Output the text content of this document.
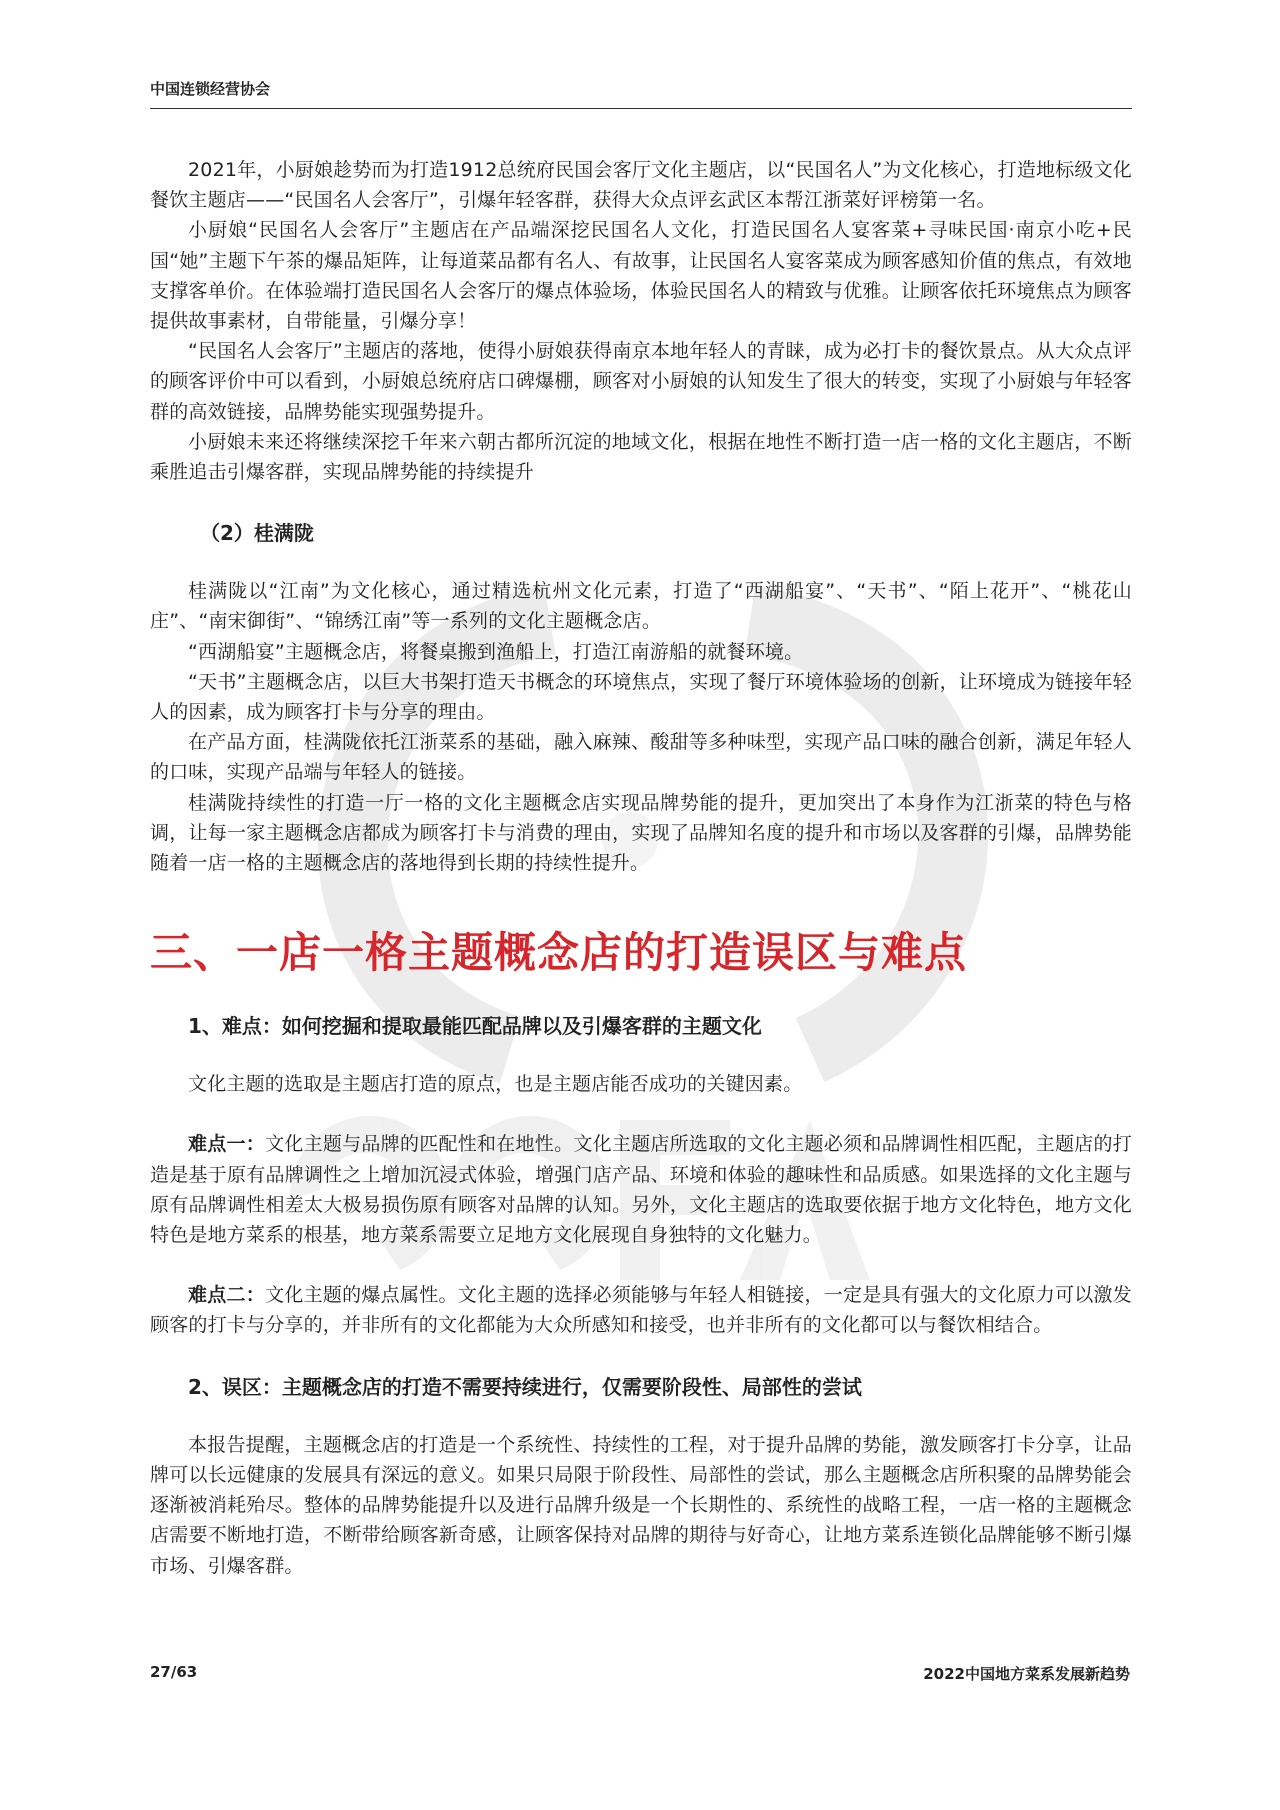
中国连锁经营协会

2021年，小厨娘趁势而为打造1912总统府民国会客厅文化主题店，以“民国名人”为文化核心，打造地标级文化餐饮主题店——“民国名人会客厅”，引爆年轻客群，获得大众点评玄武区本帮江浙菜好评榜第一名。

小厨娘“民国名人会客厅”主题店在产品端深挖民国名人文化，打造民国名人宴客菜+寻味民国·南京小吃+民国“她”主题下午茶的爆品矩阵，让每道菜品都有名人、有故事，让民国名人宴客菜成为顾客感知价值的焦点，有效地支撑客单价。在体验端打造民国名人会客厅的爆点体验场，体验民国名人的精致与优雅。让顾客依托环境焦点为顾客提供故事素材，自带能量，引爆分享！

“民国名人会客厅”主题店的落地，使得小厨娘获得南京本地年轻人的青睐，成为必打卡的餐饮景点。从大众点评的顾客评价中可以看到，小厨娘总统府店口碑爆棚，顾客对小厨娘的认知发生了很大的转变，实现了小厨娘与年轻客群的高效链接，品牌势能实现强势提升。

小厨娘未来还将继续深挖千年来六朝古都所沉淀的地域文化，根据在地性不断打造一店一格的文化主题店，不断乘胜追击引爆客群，实现品牌势能的持续提升

（2）桂满陇

桂满陇以“江南”为文化核心，通过精选杭州文化元素，打造了“西湖船宴”、“天书”、“陌上花开”、“桃花山庄”、“南宋御街”、“锦绣江南”等一系列的文化主题概念店。

“西湖船宴”主题概念店，将餐桌搬到渔船上，打造江南游船的就餐环境。

“天书”主题概念店，以巨大书架打造天书概念的环境焦点，实现了餐厅环境体验场的创新，让环境成为链接年轻人的因素，成为顾客打卡与分享的理由。

在产品方面，桂满陇依托江浙菜系的基础，融入麻辣、酸甜等多种味型，实现产品口味的融合创新，满足年轻人的口味，实现产品端与年轻人的链接。

桂满陇持续性的打造一厅一格的文化主题概念店实现品牌势能的提升，更加突出了本身作为江浙菜的特色与格调，让每一家主题概念店都成为顾客打卡与消费的理由，实现了品牌知名度的提升和市场以及客群的引爆，品牌势能随着一店一格的主题概念店的落地得到长期的持续性提升。

三、一店一格主题概念店的打造误区与难点
1、难点：如何挖掘和提取最能匹配品牌以及引爆客群的主题文化

文化主题的选取是主题店打造的原点，也是主题店能否成功的关键因素。

难点一：文化主题与品牌的匹配性和在地性。文化主题店所选取的文化主题必须和品牌调性相匹配，主题店的打造是基于原有品牌调性之上增加沉浸式体验，增强门店产品、环境和体验的趣味性和品质感。如果选择的文化主题与原有品牌调性相差太大极易损伤原有顾客对品牌的认知。另外，文化主题店的选取要依据于地方文化特色，地方文化特色是地方菜系的根基，地方菜系需要立足地方文化展现自身独特的文化魅力。

难点二：文化主题的爆点属性。文化主题的选择必须能够与年轻人相链接，一定是具有强大的文化原力可以激发顾客的打卡与分享的，并非所有的文化都能为大众所感知和接受，也并非所有的文化都可以与餐饮相结合。

2、误区：主题概念店的打造不需要持续进行，仅需要阶段性、局部性的尝试

本报告提醒，主题概念店的打造是一个系统性、持续性的工程，对于提升品牌的势能，激发顾客打卡分享，让品牌可以长远健康的发展具有深远的意义。如果只局限于阶段性、局部性的尝试，那么主题概念店所积聚的品牌势能会逐渐被消耗殆尽。整体的品牌势能提升以及进行品牌升级是一个长期性的、系统性的战略工程，一店一格的主题概念店需要不断地打造，不断带给顾客新奇感，让顾客保持对品牌的期待与好奇心，让地方菜系连锁化品牌能够不断引爆市场、引爆客群。

27/63	2022中国地方菜系发展新趋势
